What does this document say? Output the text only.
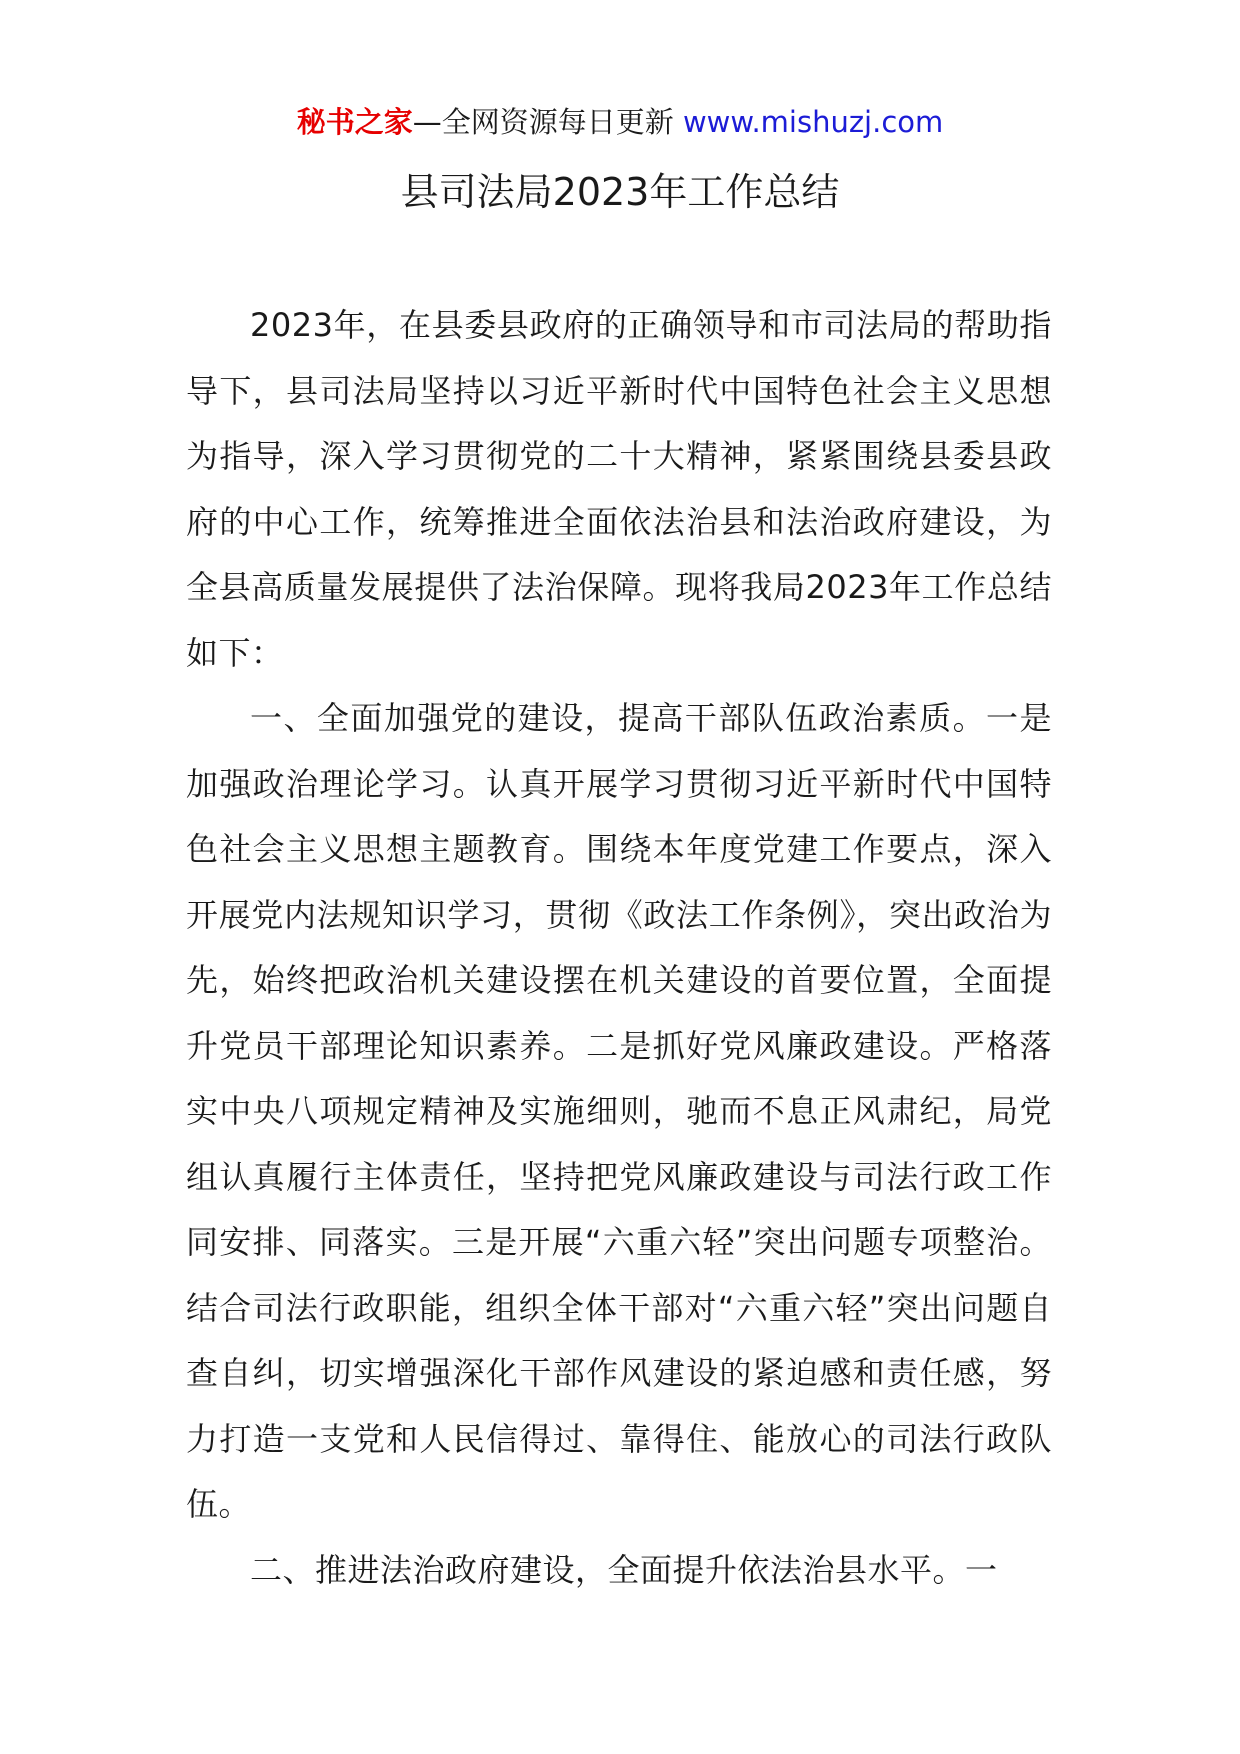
秘书之家—全网资源每日更新 www.mishuzj.com
县司法局2023年工作总结

2023年，在县委县政府的正确领导和市司法局的帮助指导下，县司法局坚持以习近平新时代中国特色社会主义思想为指导，深入学习贯彻党的二十大精神，紧紧围绕县委县政府的中心工作，统筹推进全面依法治县和法治政府建设，为全县高质量发展提供了法治保障。现将我局2023年工作总结如下：

一、全面加强党的建设，提高干部队伍政治素质。一是加强政治理论学习。认真开展学习贯彻习近平新时代中国特色社会主义思想主题教育。围绕本年度党建工作要点，深入开展党内法规知识学习，贯彻《政法工作条例》，突出政治为先，始终把政治机关建设摆在机关建设的首要位置，全面提升党员干部理论知识素养。二是抓好党风廉政建设。严格落实中央八项规定精神及实施细则，驰而不息正风肃纪，局党组认真履行主体责任，坚持把党风廉政建设与司法行政工作同安排、同落实。三是开展“六重六轻”突出问题专项整治。结合司法行政职能，组织全体干部对“六重六轻”突出问题自查自纠，切实增强深化干部作风建设的紧迫感和责任感，努力打造一支党和人民信得过、靠得住、能放心的司法行政队伍。

二、推进法治政府建设，全面提升依法治县水平。一
